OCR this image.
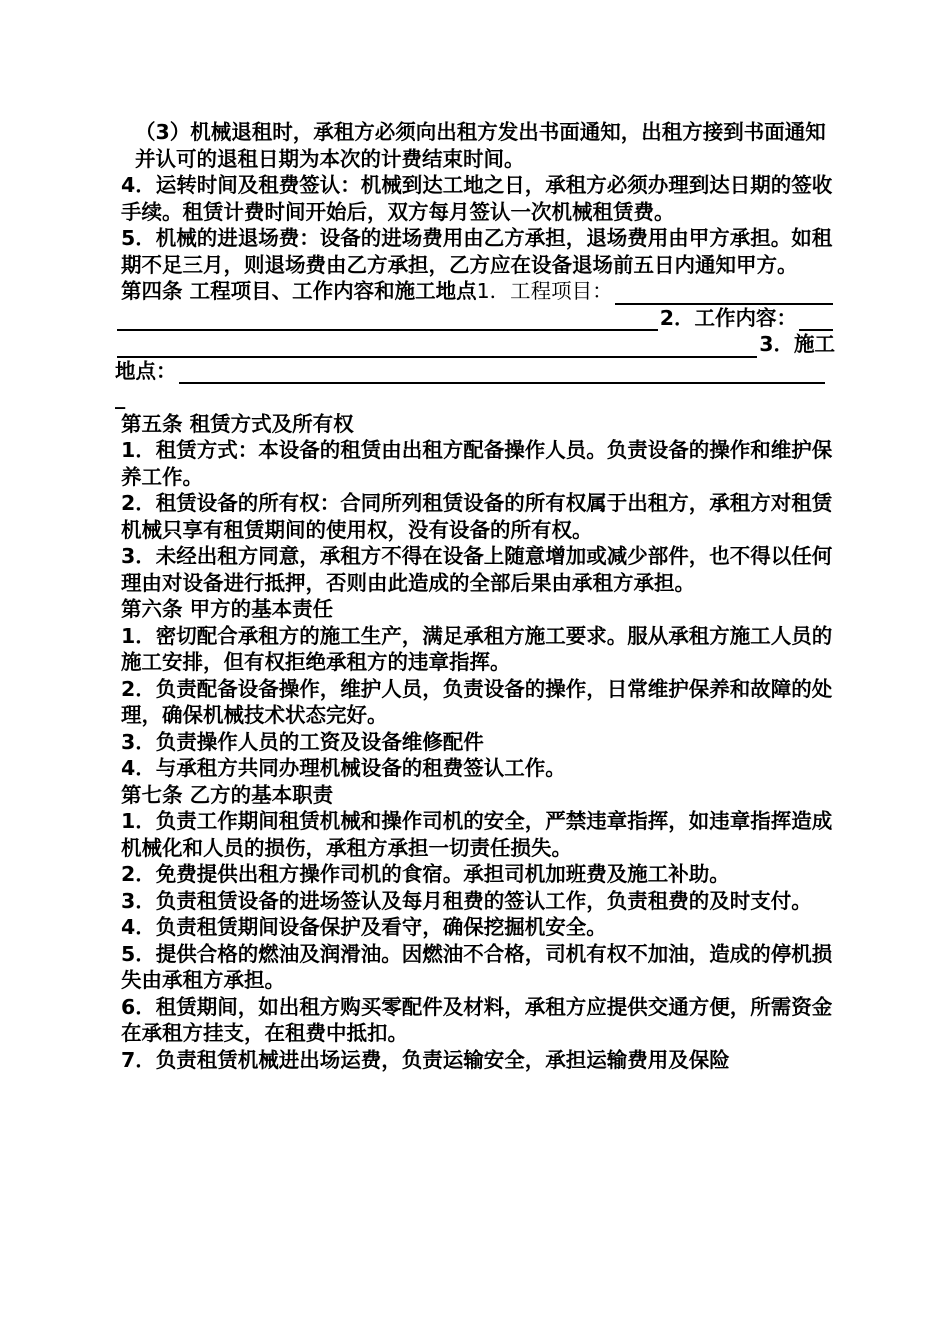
（3）机械退租时，承租方必须向出租方发出书面通知，出租方接到书面通知并认可的退租日期为本次的计费结束时间。

4．运转时间及租费签认：机械到达工地之日，承租方必须办理到达日期的签收手续。租赁计费时间开始后，双方每月签认一次机械租赁费。

5．机械的进退场费：设备的进场费用由乙方承担，退场费用由甲方承担。如租期不足三月，则退场费由乙方承担，乙方应在设备退场前五日内通知甲方。

第四条 工程项目、工作内容和施工地点 1．工程项目：
2．工作内容：
3．施工
地点：
_

第五条 租赁方式及所有权

1．租赁方式：本设备的租赁由出租方配备操作人员。负责设备的操作和维护保养工作。

2．租赁设备的所有权：合同所列租赁设备的所有权属于出租方，承租方对租赁机械只享有租赁期间的使用权，没有设备的所有权。

3．未经出租方同意，承租方不得在设备上随意增加或减少部件，也不得以任何理由对设备进行抵押，否则由此造成的全部后果由承租方承担。

第六条 甲方的基本责任

1．密切配合承租方的施工生产，满足承租方施工要求。服从承租方施工人员的施工安排，但有权拒绝承租方的违章指挥。

2．负责配备设备操作，维护人员，负责设备的操作，日常维护保养和故障的处理，确保机械技术状态完好。

3．负责操作人员的工资及设备维修配件

4．与承租方共同办理机械设备的租费签认工作。

第七条 乙方的基本职责

1．负责工作期间租赁机械和操作司机的安全，严禁违章指挥，如违章指挥造成机械化和人员的损伤，承租方承担一切责任损失。

2．免费提供出租方操作司机的食宿。承担司机加班费及施工补助。

3．负责租赁设备的进场签认及每月租费的签认工作，负责租费的及时支付。

4．负责租赁期间设备保护及看守，确保挖掘机安全。

5．提供合格的燃油及润滑油。因燃油不合格，司机有权不加油，造成的停机损失由承租方承担。

6．租赁期间，如出租方购买零配件及材料，承租方应提供交通方便，所需资金在承租方挂支，在租费中抵扣。

7．负责租赁机械进出场运费，负责运输安全，承担运输费用及保险
